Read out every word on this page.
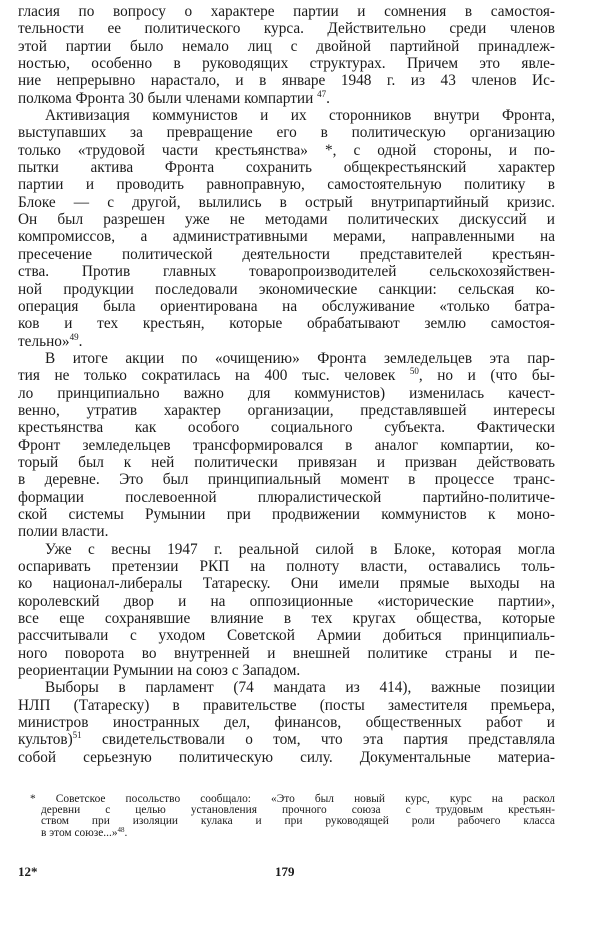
гласия по вопросу о характере партии и сомнения в самостоя-
тельности ее политического курса. Действительно среди членов
этой партии было немало лиц с двойной партийной принадлеж-
ностью, особенно в руководящих структурах. Причем это явле-
ние непрерывно нарастало, и в январе 1948 г. из 43 членов Ис-
полкома Фронта 30 были членами компартии $^{47}$.
Активизация коммунистов и их сторонников внутри Фронта,
выступавших за превращение его в политическую организацию
только «трудовой части крестьянства» *, с одной стороны, и по-
пытки актива Фронта сохранить общекрестьянский характер
партии и проводить равноправную, самостоятельную политику в
Блоке — с другой, вылились в острый внутрипартийный кризис.
Он был разрешен уже не методами политических дискуссий и
компромиссов, а административными мерами, направленными на
пресечение политической деятельности представителей крестьян-
ства. Против главных товаропроизводителей сельскохозяйствен-
ной продукции последовали экономические санкции: сельская ко-
операция была ориентирована на обслуживание «только батра-
ков и тех крестьян, которые обрабатывают землю самостоя-
тельно»$^{49}$.
В итоге акции по «очищению» Фронта земледельцев эта пар-
тия не только сократилась на 400 тыс. человек $^{50}$, но и (что бы-
ло принципиально важно для коммунистов) изменилась качест-
венно, утратив характер организации, представлявшей интересы
крестьянства как особого социального субъекта. Фактически
Фронт земледельцев трансформировался в аналог компартии, ко-
торый был к ней политически привязан и призван действовать
в деревне. Это был принципиальный момент в процессе транс-
формации послевоенной плюралистической партийно-политиче-
ской системы Румынии при продвижении коммунистов к моно-
полии власти.
Уже с весны 1947 г. реальной силой в Блоке, которая могла
оспаривать претензии РКП на полноту власти, оставались толь-
ко национал-либералы Татареску. Они имели прямые выходы на
королевский двор и на оппозиционные «исторические партии»,
все еще сохранявшие влияние в тех кругах общества, которые
рассчитывали с уходом Советской Армии добиться принципиаль-
ного поворота во внутренней и внешней политике страны и пе-
реориентации Румынии на союз с Западом.
Выборы в парламент (74 мандата из 414), важные позиции
НЛП (Татареску) в правительстве (посты заместителя премьера,
министров иностранных дел, финансов, общественных работ и
культов)$^{51}$ свидетельствовали о том, что эта партия представляла
собой серьезную политическую силу. Документальные материа-
* Советское посольство сообщало: «Это был новый курс, курс на раскол
деревни с целью установления прочного союза с трудовым крестьян-
ством при изоляции кулака и при руководящей роли рабочего класса
в этом союзе...»$^{48}$.
12*	179
